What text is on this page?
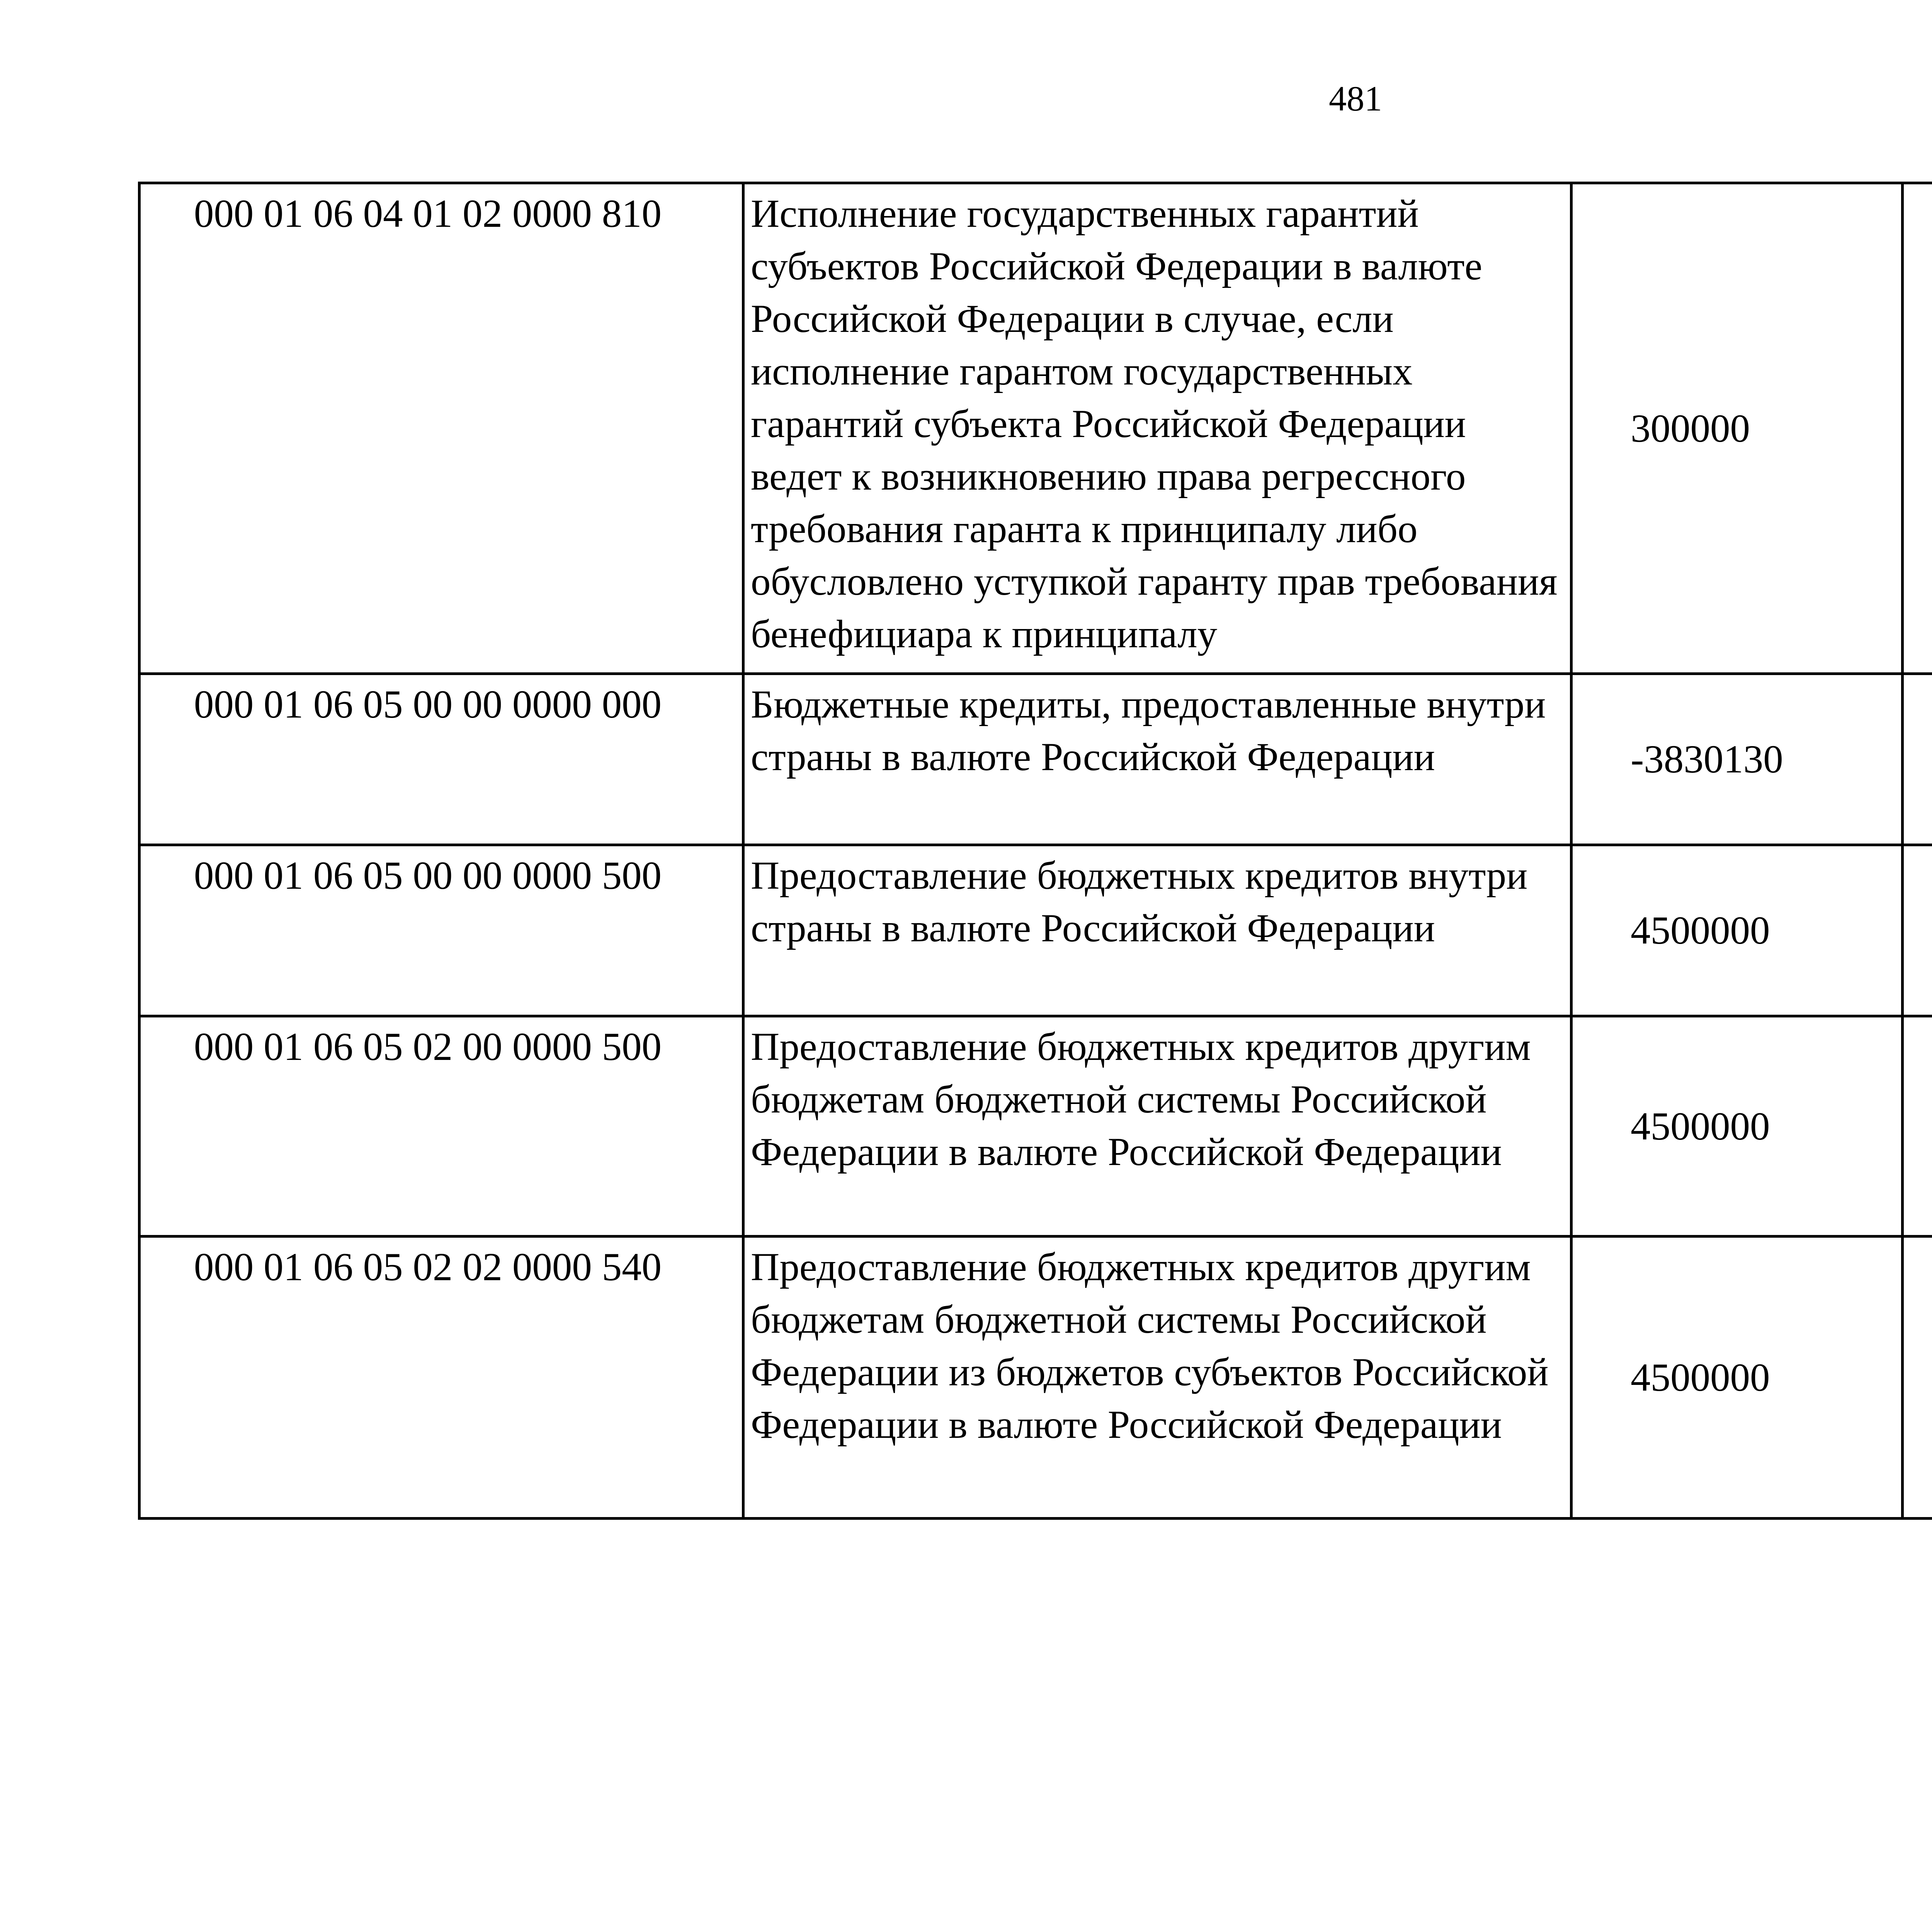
481
000 01 06 04 01 02 0000 810	Исполнение государственных гарантий субъектов Российской Федерации в валюте Российской Федерации в случае, если исполнение гарантом государственных гарантий субъекта Российской Федерации ведет к возникновению права регрессного требования гаранта к принципалу либо обусловлено уступкой гаранту прав требования бенефициара к принципалу	300000		
000 01 06 05 00 00 0000 000	Бюджетные кредиты, предоставленные внутри страны в валюте Российской Федерации	-3830130		
000 01 06 05 00 00 0000 500	Предоставление бюджетных кредитов внутри страны в валюте Российской Федерации	4500000		
000 01 06 05 02 00 0000 500	Предоставление бюджетных кредитов другим бюджетам бюджетной системы Российской Федерации в валюте Российской Федерации	4500000		
000 01 06 05 02 02 0000 540	Предоставление бюджетных кредитов другим бюджетам бюджетной системы Российской Федерации из бюджетов субъектов Российской Федерации в валюте Российской Федерации	4500000		
